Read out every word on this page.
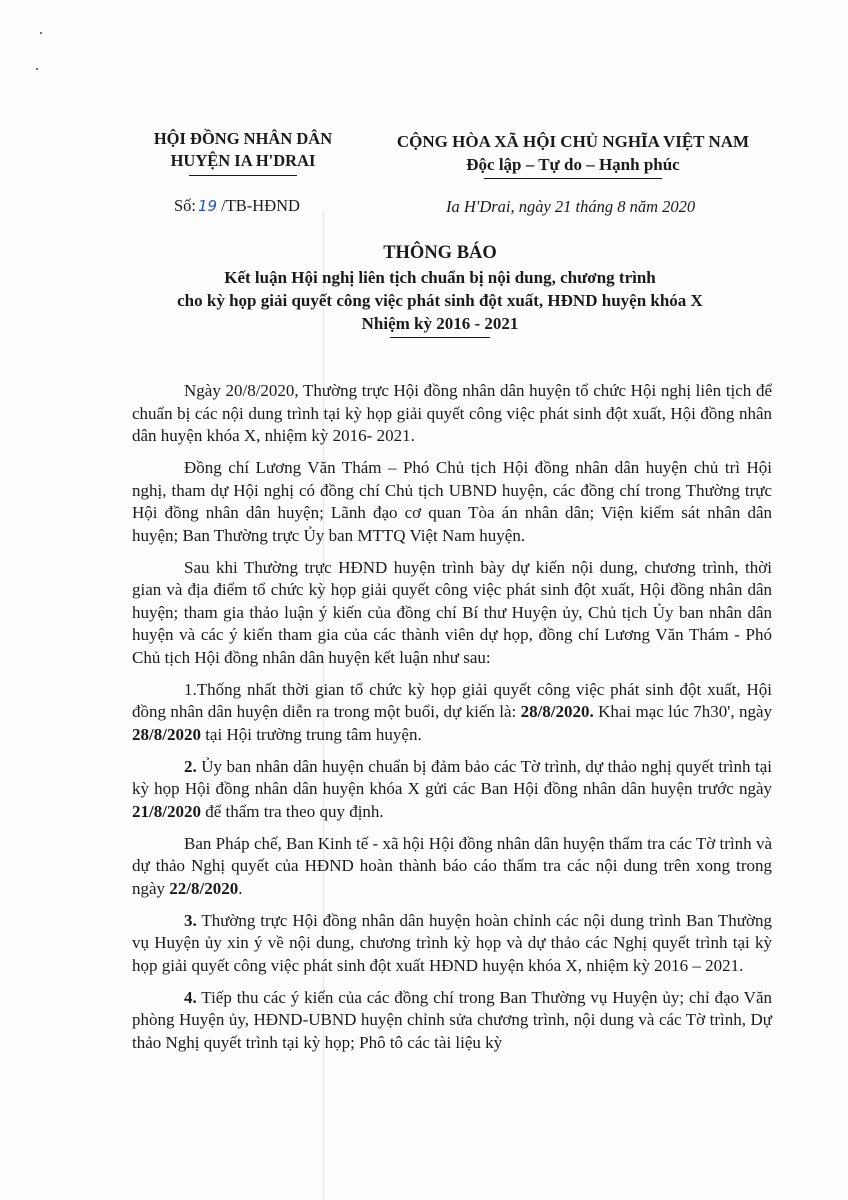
HỘI ĐỒNG NHÂN DÂN
HUYỆN IA H'DRAI
CỘNG HÒA XÃ HỘI CHỦ NGHĨA VIỆT NAM
Độc lập – Tự do – Hạnh phúc
Số: 19 /TB-HĐND	Ia H'Drai, ngày 21 tháng 8 năm 2020
THÔNG BÁO
Kết luận Hội nghị liên tịch chuẩn bị nội dung, chương trình
cho kỳ họp giải quyết công việc phát sinh đột xuất, HĐND huyện khóa X
Nhiệm kỳ 2016 - 2021

Ngày 20/8/2020, Thường trực Hội đồng nhân dân huyện tổ chức Hội nghị liên tịch để chuẩn bị các nội dung trình tại kỳ họp giải quyết công việc phát sinh đột xuất, Hội đồng nhân dân huyện khóa X, nhiệm kỳ 2016- 2021.

Đồng chí Lương Văn Thám – Phó Chủ tịch Hội đồng nhân dân huyện chủ trì Hội nghị, tham dự Hội nghị có đồng chí Chủ tịch UBND huyện, các đồng chí trong Thường trực Hội đồng nhân dân huyện; Lãnh đạo cơ quan Tòa án nhân dân; Viện kiểm sát nhân dân huyện; Ban Thường trực Ủy ban MTTQ Việt Nam huyện.

Sau khi Thường trực HĐND huyện trình bày dự kiến nội dung, chương trình, thời gian và địa điểm tổ chức kỳ họp giải quyết công việc phát sinh đột xuất, Hội đồng nhân dân huyện; tham gia thảo luận ý kiến của đồng chí Bí thư Huyện ủy, Chủ tịch Ủy ban nhân dân huyện và các ý kiến tham gia của các thành viên dự họp, đồng chí Lương Văn Thám - Phó Chủ tịch Hội đồng nhân dân huyện kết luận như sau:

1.Thống nhất thời gian tổ chức kỳ họp giải quyết công việc phát sinh đột xuất, Hội đồng nhân dân huyện diễn ra trong một buổi, dự kiến là: 28/8/2020. Khai mạc lúc 7h30', ngày 28/8/2020 tại Hội trường trung tâm huyện.

2. Ủy ban nhân dân huyện chuẩn bị đảm bảo các Tờ trình, dự thảo nghị quyết trình tại kỳ họp Hội đồng nhân dân huyện khóa X gửi các Ban Hội đồng nhân dân huyện trước ngày 21/8/2020 để thẩm tra theo quy định.

Ban Pháp chế, Ban Kinh tế - xã hội Hội đồng nhân dân huyện thẩm tra các Tờ trình và dự thảo Nghị quyết của HĐND hoàn thành báo cáo thẩm tra các nội dung trên xong trong ngày 22/8/2020.

3. Thường trực Hội đồng nhân dân huyện hoàn chỉnh các nội dung trình Ban Thường vụ Huyện ủy xin ý về nội dung, chương trình kỳ họp và dự thảo các Nghị quyết trình tại kỳ họp giải quyết công việc phát sinh đột xuất HĐND huyện khóa X, nhiệm kỳ 2016 – 2021.

4. Tiếp thu các ý kiến của các đồng chí trong Ban Thường vụ Huyện ủy; chỉ đạo Văn phòng Huyện ủy, HĐND-UBND huyện chỉnh sửa chương trình, nội dung và các Tờ trình, Dự thảo Nghị quyết trình tại kỳ họp; Phô tô các tài liệu kỳ
